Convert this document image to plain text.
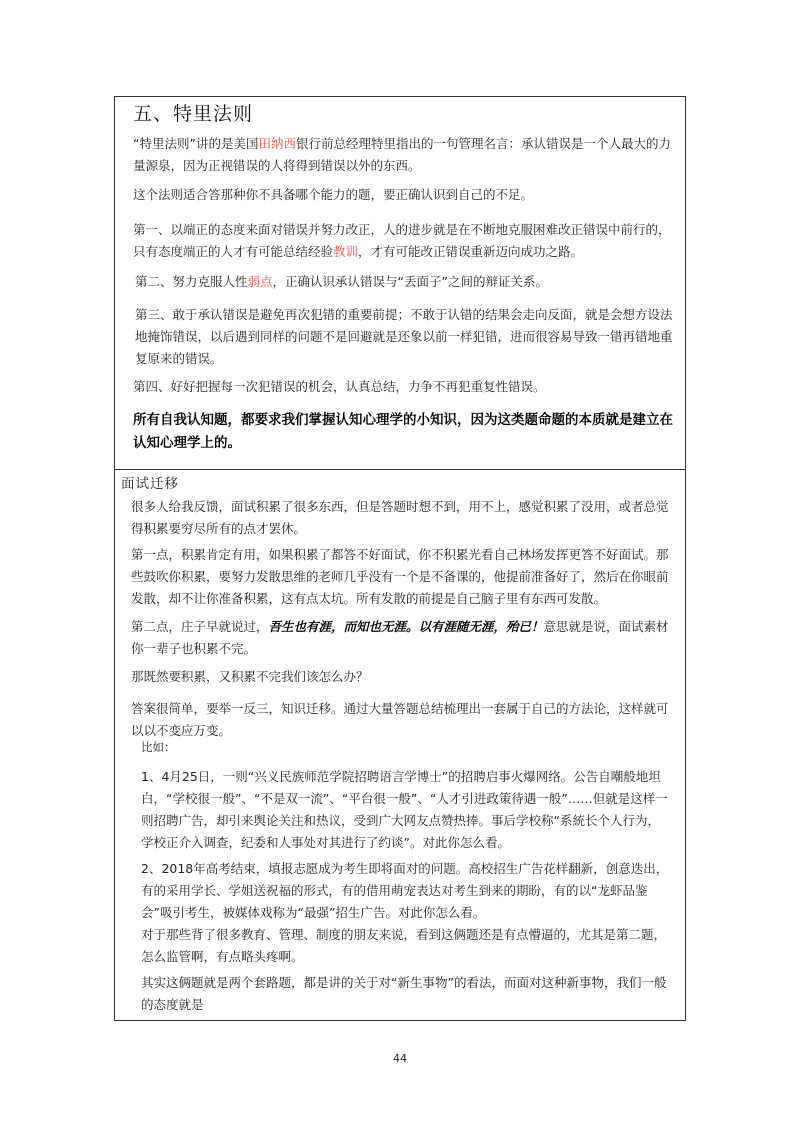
五、特里法则
“特里法则”讲的是美国田纳西银行前总经理特里指出的一句管理名言：承认错误是一个人最大的力量源泉，因为正视错误的人将得到错误以外的东西。
这个法则适合答那种你不具备哪个能力的题，要正确认识到自己的不足。
第一、以端正的态度来面对错误并努力改正，人的进步就是在不断地克服困难改正错误中前行的，只有态度端正的人才有可能总结经验教训，才有可能改正错误重新迈向成功之路。
第二、努力克服人性弱点，正确认识承认错误与“丢面子”之间的辩证关系。
第三、敢于承认错误是避免再次犯错的重要前提；不敢于认错的结果会走向反面，就是会想方设法地掩饰错误，以后遇到同样的问题不是回避就是还象以前一样犯错，进而很容易导致一错再错地重复原来的错误。
第四、好好把握每一次犯错误的机会，认真总结，力争不再犯重复性错误。
所有自我认知题，都要求我们掌握认知心理学的小知识，因为这类题命题的本质就是建立在认知心理学上的。
面试迁移
很多人给我反馈，面试积累了很多东西，但是答题时想不到，用不上，感觉积累了没用，或者总觉得积累要穷尽所有的点才罢休。
第一点，积累肯定有用，如果积累了都答不好面试，你不积累光看自己林场发挥更答不好面试。那些鼓吹你积累，要努力发散思维的老师几乎没有一个是不备课的，他提前准备好了，然后在你眼前发散，却不让你准备积累，这有点太坑。所有发散的前提是自己脑子里有东西可发散。
第二点，庄子早就说过，吾生也有涯，而知也无涯。以有涯随无涯，殆已！意思就是说，面试素材你一辈子也积累不完。
那既然要积累，又积累不完我们该怎么办？
答案很简单，要举一反三，知识迁移。通过大量答题总结梳理出一套属于自己的方法论，这样就可以以不变应万变。
比如：
1、4月25日，一则“兴义民族师范学院招聘语言学博士”的招聘启事火爆网络。公告自嘲般地坦白，“学校很一般”、“不是双一流”、“平台很一般”、“人才引进政策待遇一般”……但就是这样一则招聘广告，却引来舆论关注和热议，受到广大网友点赞热捧。事后学校称“系統长个人行为，学校正介入调查，纪委和人事处对其进行了约谈”。对此你怎么看。
2、2018年高考结束，填报志愿成为考生即将面对的问题。高校招生广告花样翻新，创意迭出，有的采用学长、学姐送祝福的形式，有的借用萌宠表达对考生到来的期盼，有的以“龙虾品鉴会”吸引考生，被媒体戏称为“最强”招生广告。对此你怎么看。
对于那些背了很多教育、管理、制度的朋友来说，看到这俩题还是有点懵逼的，尤其是第二题，怎么监管啊，有点略头疼啊。
其实这俩题就是两个套路题，都是讲的关于对“新生事物”的看法，而面对这种新事物，我们一般的态度就是
44
